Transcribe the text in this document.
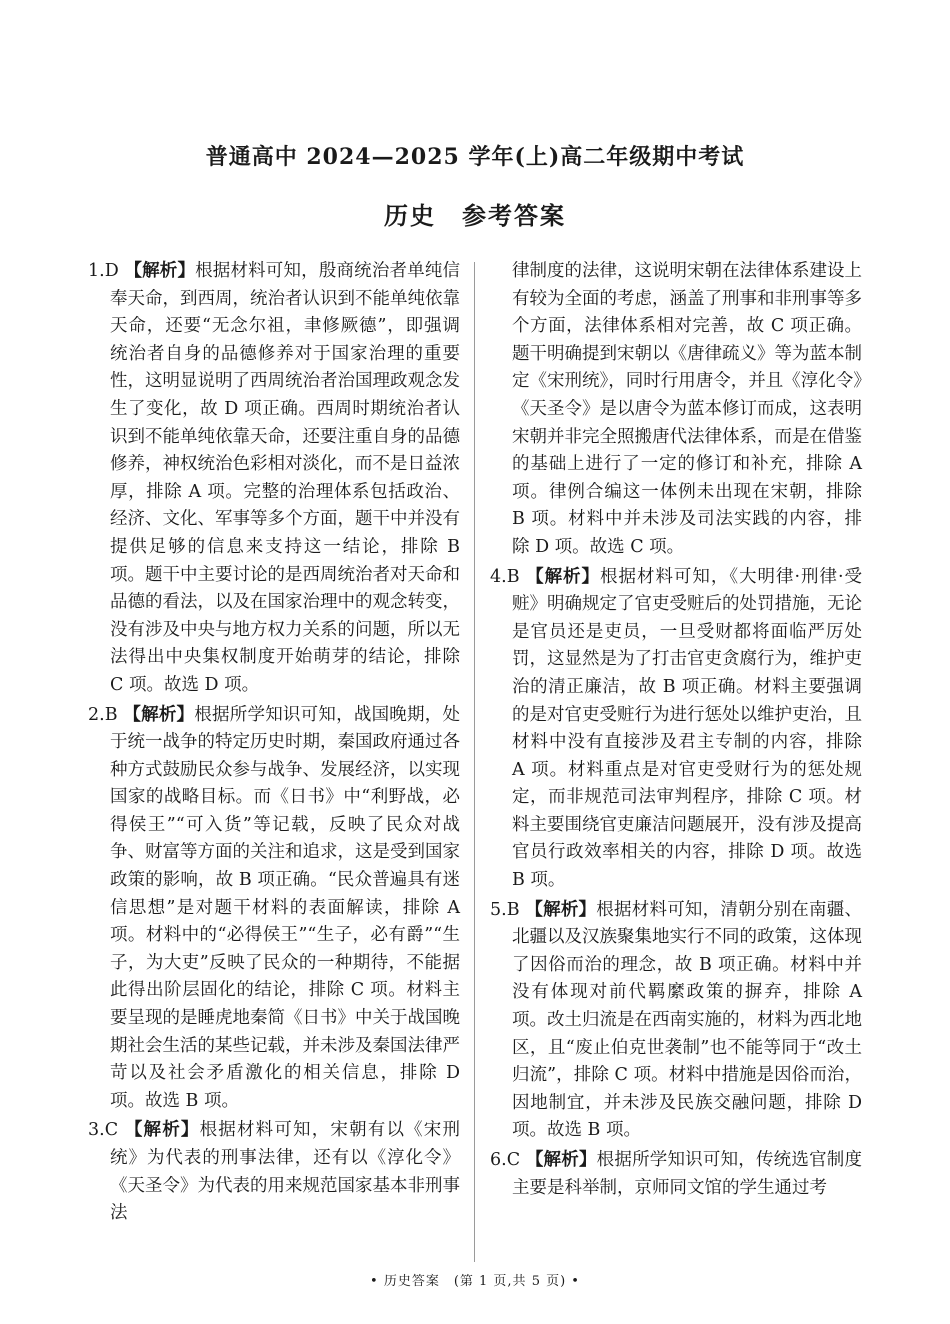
普通高中 2024—2025 学年(上)高二年级期中考试
历史 参考答案

1.D 【解析】根据材料可知，殷商统治者单纯信奉天命，到西周，统治者认识到不能单纯依靠天命，还要“无念尔祖，聿修厥德”，即强调统治者自身的品德修养对于国家治理的重要性，这明显说明了西周统治者治国理政观念发生了变化，故 D 项正确。西周时期统治者认识到不能单纯依靠天命，还要注重自身的品德修养，神权统治色彩相对淡化，而不是日益浓厚，排除 A 项。完整的治理体系包括政治、经济、文化、军事等多个方面，题干中并没有提供足够的信息来支持这一结论，排除 B 项。题干中主要讨论的是西周统治者对天命和品德的看法，以及在国家治理中的观念转变，没有涉及中央与地方权力关系的问题，所以无法得出中央集权制度开始萌芽的结论，排除 C 项。故选 D 项。

2.B 【解析】根据所学知识可知，战国晚期，处于统一战争的特定历史时期，秦国政府通过各种方式鼓励民众参与战争、发展经济，以实现国家的战略目标。而《日书》中“利野战，必得侯王”“可入货”等记载，反映了民众对战争、财富等方面的关注和追求，这是受到国家政策的影响，故 B 项正确。“民众普遍具有迷信思想”是对题干材料的表面解读，排除 A 项。材料中的“必得侯王”“生子，必有爵”“生子，为大吏”反映了民众的一种期待，不能据此得出阶层固化的结论，排除 C 项。材料主要呈现的是睡虎地秦简《日书》中关于战国晚期社会生活的某些记载，并未涉及秦国法律严苛以及社会矛盾激化的相关信息，排除 D 项。故选 B 项。

3.C 【解析】根据材料可知，宋朝有以《宋刑统》为代表的刑事法律，还有以《淳化令》《天圣令》为代表的用来规范国家基本非刑事法

律制度的法律，这说明宋朝在法律体系建设上有较为全面的考虑，涵盖了刑事和非刑事等多个方面，法律体系相对完善，故 C 项正确。题干明确提到宋朝以《唐律疏义》等为蓝本制定《宋刑统》，同时行用唐令，并且《淳化令》《天圣令》是以唐令为蓝本修订而成，这表明宋朝并非完全照搬唐代法律体系，而是在借鉴的基础上进行了一定的修订和补充，排除 A 项。律例合编这一体例未出现在宋朝，排除 B 项。材料中并未涉及司法实践的内容，排除 D 项。故选 C 项。

4.B 【解析】根据材料可知，《大明律·刑律·受赃》明确规定了官吏受赃后的处罚措施，无论是官员还是吏员，一旦受财都将面临严厉处罚，这显然是为了打击官吏贪腐行为，维护吏治的清正廉洁，故 B 项正确。材料主要强调的是对官吏受赃行为进行惩处以维护吏治，且材料中没有直接涉及君主专制的内容，排除 A 项。材料重点是对官吏受财行为的惩处规定，而非规范司法审判程序，排除 C 项。材料主要围绕官吏廉洁问题展开，没有涉及提高官员行政效率相关的内容，排除 D 项。故选 B 项。

5.B 【解析】根据材料可知，清朝分别在南疆、北疆以及汉族聚集地实行不同的政策，这体现了因俗而治的理念，故 B 项正确。材料中并没有体现对前代羁縻政策的摒弃，排除 A 项。改土归流是在西南实施的，材料为西北地区，且“废止伯克世袭制”也不能等同于“改土归流”，排除 C 项。材料中措施是因俗而治，因地制宜，并未涉及民族交融问题，排除 D 项。故选 B 项。

6.C 【解析】根据所学知识可知，传统选官制度主要是科举制，京师同文馆的学生通过考

• 历史答案　(第 1 页,共 5 页) •
